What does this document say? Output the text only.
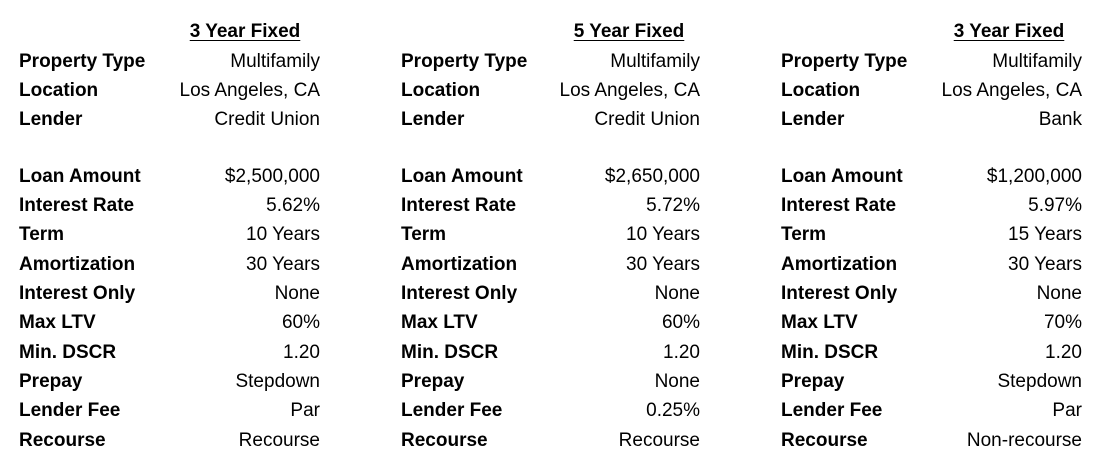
3 Year Fixed
Property Type	Multifamily
Location	Los Angeles, CA
Lender	Credit Union
Loan Amount	$2,500,000
Interest Rate	5.62%
Term	10 Years
Amortization	30 Years
Interest Only	None
Max LTV	60%
Min. DSCR	1.20
Prepay	Stepdown
Lender Fee	Par
Recourse	Recourse
5 Year Fixed
Property Type	Multifamily
Location	Los Angeles, CA
Lender	Credit Union
Loan Amount	$2,650,000
Interest Rate	5.72%
Term	10 Years
Amortization	30 Years
Interest Only	None
Max LTV	60%
Min. DSCR	1.20
Prepay	None
Lender Fee	0.25%
Recourse	Recourse
3 Year Fixed
Property Type	Multifamily
Location	Los Angeles, CA
Lender	Bank
Loan Amount	$1,200,000
Interest Rate	5.97%
Term	15 Years
Amortization	30 Years
Interest Only	None
Max LTV	70%
Min. DSCR	1.20
Prepay	Stepdown
Lender Fee	Par
Recourse	Non-recourse
